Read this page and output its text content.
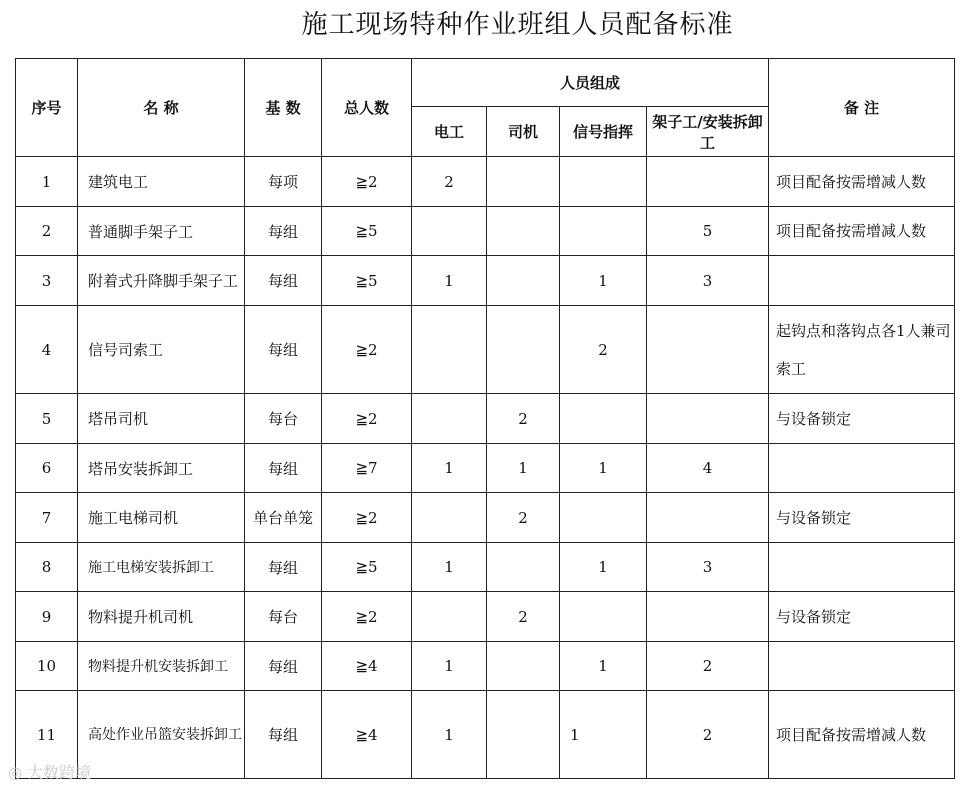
施工现场特种作业班组人员配备标准
序号	名 称	基 数	总人数	人员组成				备 注
				电工	司机	信号指挥	架子工/安装拆卸工	
1	建筑电工	每项	≧2	2				项目配备按需增减人数
2	普通脚手架子工	每组	≧5				5	项目配备按需增减人数
3	附着式升降脚手架子工	每组	≧5	1		1	3	
4	信号司索工	每组	≧2			2		起钩点和落钩点各1人兼司索工
5	塔吊司机	每台	≧2		2			与设备锁定
6	塔吊安装拆卸工	每组	≧7	1	1	1	4	
7	施工电梯司机	单台单笼	≧2		2			与设备锁定
8	施工电梯安装拆卸工	每组	≧5	1		1	3	
9	物料提升机司机	每台	≧2		2			与设备锁定
10	物料提升机安装拆卸工	每组	≧4	1		1	2	
11	高处作业吊篮安装拆卸工	每组	≧4	1		1	2	项目配备按需增减人数
◎ 大数跨境
